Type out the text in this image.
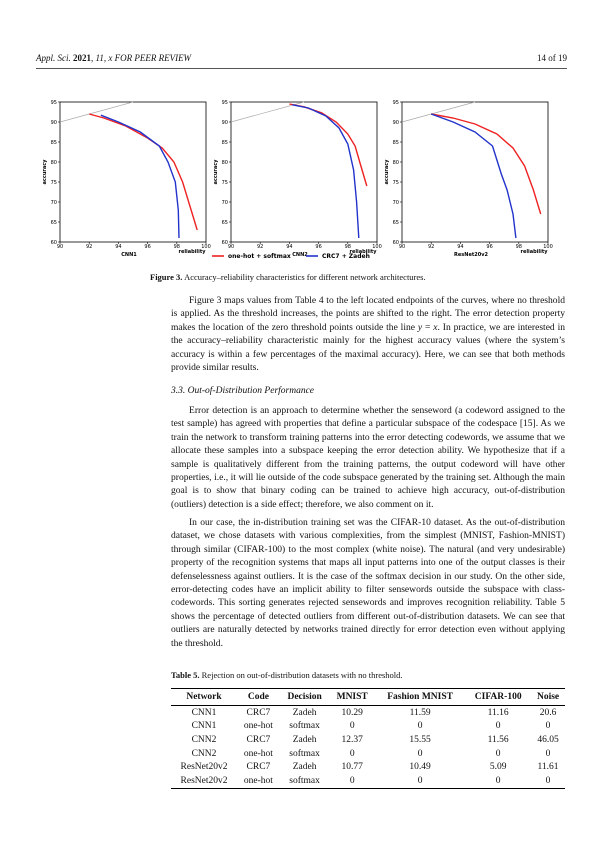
Appl. Sci. 2021, 11, x FOR PEER REVIEW	14 of 19
90	92	94	96	98	100
60
65
70
75
80
85
90
95
accuracy
reliability
CNN1
90	92	94	96	98	100
60
65
70
75
80
85
90
95
accuracy
reliability
CNN2
90	92	94	96	98	100
60
65
70
75
80
85
90
95
accuracy
reliability
ResNet20v2
one-hot + softmax	CRC7 + Zadeh
Figure 3. Accuracy–reliability characteristics for different network architectures.

Figure 3 maps values from Table 4 to the left located endpoints of the curves, where no threshold is applied. As the threshold increases, the points are shifted to the right. The error detection property makes the location of the zero threshold points outside the line y = x. In practice, we are interested in the accuracy–reliability characteristic mainly for the highest accuracy values (where the system’s accuracy is within a few percentages of the maximal accuracy). Here, we can see that both methods provide similar results.

3.3. Out-of-Distribution Performance

Error detection is an approach to determine whether the senseword (a codeword assigned to the test sample) has agreed with properties that define a particular subspace of the codespace [15]. As we train the network to transform training patterns into the error detecting codewords, we assume that we allocate these samples into a subspace keeping the error detection ability. We hypothesize that if a sample is qualitatively different from the training patterns, the output codeword will have other properties, i.e., it will lie outside of the code subspace generated by the training set. Although the main goal is to show that binary coding can be trained to achieve high accuracy, out-of-distribution (outliers) detection is a side effect; therefore, we also comment on it.

In our case, the in-distribution training set was the CIFAR-10 dataset. As the out-of-distribution dataset, we chose datasets with various complexities, from the simplest (MNIST, Fashion-MNIST) through similar (CIFAR-100) to the most complex (white noise). The natural (and very undesirable) property of the recognition systems that maps all input patterns into one of the output classes is their defenselessness against outliers. It is the case of the softmax decision in our study. On the other side, error-detecting codes have an implicit ability to filter sensewords outside the subspace with class-codewords. This sorting generates rejected sensewords and improves recognition reliability. Table 5 shows the percentage of detected outliers from different out-of-distribution datasets. We can see that outliers are naturally detected by networks trained directly for error detection even without applying the threshold.

Table 5. Rejection on out-of-distribution datasets with no threshold.
Network	Code	Decision	MNIST	Fashion MNIST	CIFAR-100	Noise
CNN1	CRC7	Zadeh	10.29	11.59	11.16	20.6
CNN1	one-hot	softmax	0	0	0	0
CNN2	CRC7	Zadeh	12.37	15.55	11.56	46.05
CNN2	one-hot	softmax	0	0	0	0
ResNet20v2	CRC7	Zadeh	10.77	10.49	5.09	11.61
ResNet20v2	one-hot	softmax	0	0	0	0
